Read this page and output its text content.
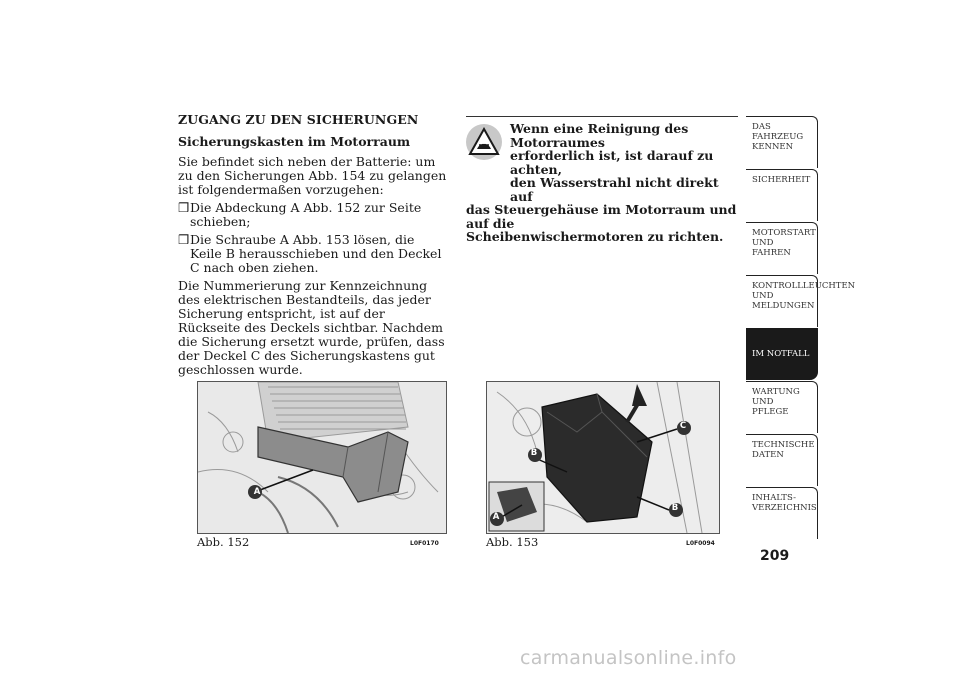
ZUGANG ZU DEN SICHERUNGEN
Sicherungskasten im Motorraum

Sie befindet sich neben der Batterie: um zu den Sicherungen Abb. 154 zu gelangen ist folgendermaßen vorzugehen:

❒ Die Abdeckung A Abb. 152 zur Seite schieben;
❒ Die Schraube A Abb. 153 lösen, die Keile B herausschieben und den Deckel C nach oben ziehen.

Die Nummerierung zur Kennzeichnung des elektrischen Bestandteils, das jeder Sicherung entspricht, ist auf der Rückseite des Deckels sichtbar. Nachdem die Sicherung ersetzt wurde, prüfen, dass der Deckel C des Sicherungskastens gut geschlossen wurde.

Wenn eine Reinigung des Motorraumes
erforderlich ist, ist darauf zu achten,
den Wasserstrahl nicht direkt auf
das Steuergehäuse im Motorraum und auf die
Scheibenwischermotoren zu richten.
Abb. 152	L0F0170
A
Abb. 153	L0F0094
C
B
B
A
DAS FAHRZEUG
KENNEN
SICHERHEIT
MOTORSTART UND
FAHREN
KONTROLLLEUCHTEN
UND MELDUNGEN
IM NOTFALL
WARTUNG UND
PFLEGE
TECHNISCHE
DATEN
INHALTS-
VERZEICHNIS
209
carmanualsonline.info
